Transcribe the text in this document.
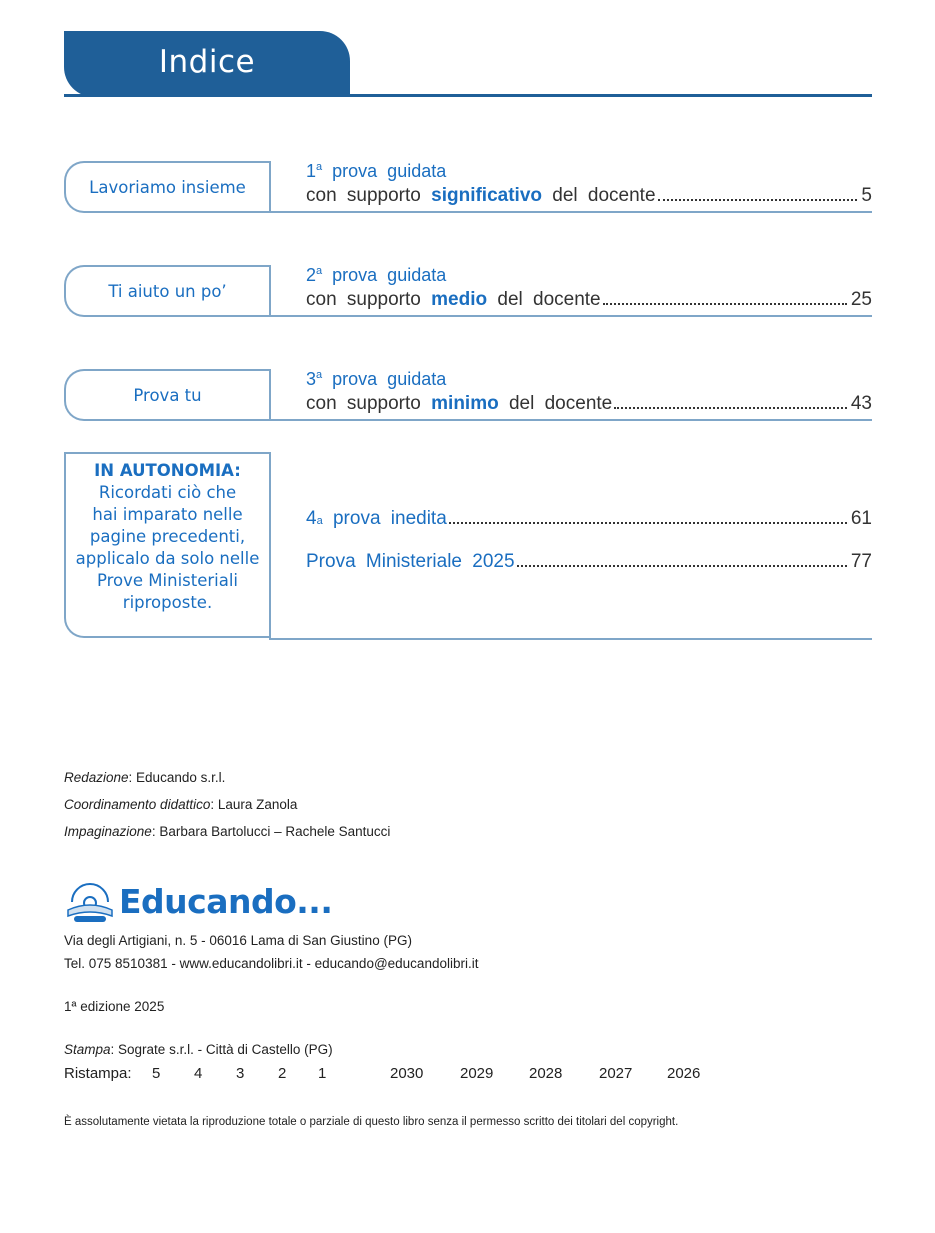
Indice
Lavoriamo insieme
1$^a$ prova guidata
con supporto
significativo
del docente	5
Ti aiuto un po’
2$^a$ prova guidata
con supporto
medio
del docente	25
Prova tu
3$^a$ prova guidata
con supporto
minimo
del docente	43
IN AUTONOMIA:
Ricordati ciò che
hai imparato nelle
pagine precedenti,
applicalo da solo nelle
Prove Ministeriali
riproposte.
4 a
prova inedita	61
Prova Ministeriale 2025	77
Redazione: Educando s.r.l.
Coordinamento didattico: Laura Zanola
Impaginazione: Barbara Bartolucci – Rachele Santucci
Educando...
Via degli Artigiani, n. 5 - 06016 Lama di San Giustino (PG)
Tel. 075 8510381 - www.educandolibri.it - educando@educandolibri.it
1ª edizione 2025
Stampa: Sograte s.r.l. - Città di Castello (PG)
Ristampa: 5 4 3 2 1	2030 2029 2028 2027 2026
È assolutamente vietata la riproduzione totale o parziale di questo libro senza il permesso scritto dei titolari del copyright.
